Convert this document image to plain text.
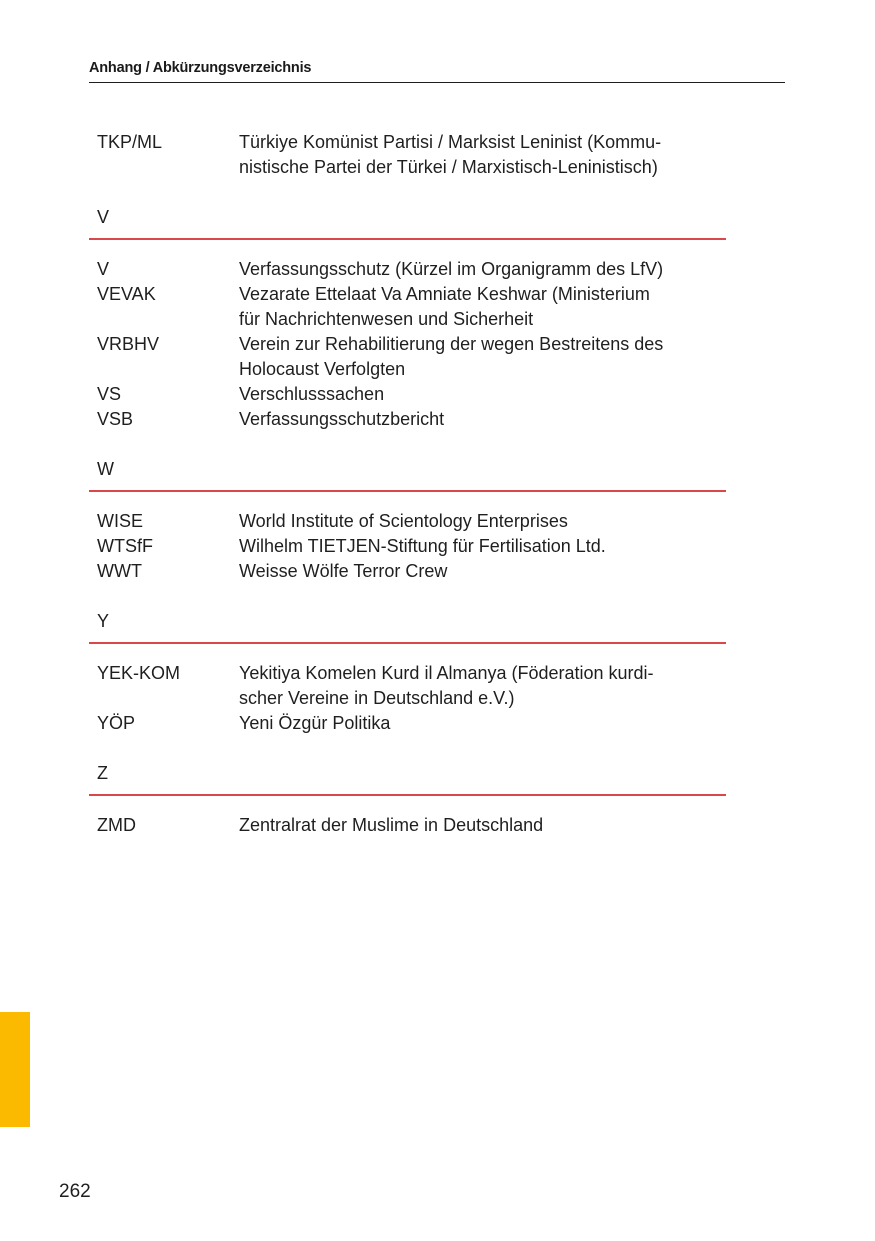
Anhang / Abkürzungsverzeichnis
TKP/ML	Türkiye Komünist Partisi / Marksist Leninist (Kommu-
nistische Partei der Türkei / Marxistisch-Leninistisch)
V
V	Verfassungsschutz (Kürzel im Organigramm des LfV)
VEVAK	Vezarate Ettelaat Va Amniate Keshwar (Ministerium
für Nachrichtenwesen und Sicherheit
VRBHV	Verein zur Rehabilitierung der wegen Bestreitens des
Holocaust Verfolgten
VS	Verschlusssachen
VSB	Verfassungsschutzbericht
W
WISE	World Institute of Scientology Enterprises
WTSfF	Wilhelm TIETJEN-Stiftung für Fertilisation Ltd.
WWT	Weisse Wölfe Terror Crew
Y
YEK-KOM	Yekitiya Komelen Kurd il Almanya (Föderation kurdi-
scher Vereine in Deutschland e.V.)
YÖP	Yeni Özgür Politika
Z
ZMD	Zentralrat der Muslime in Deutschland
262
